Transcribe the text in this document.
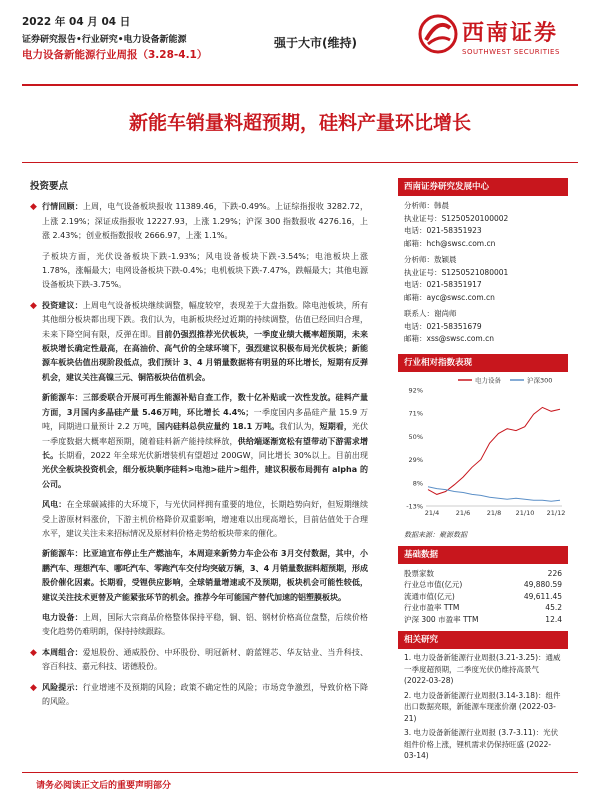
2022 年 04 月 04 日
证券研究报告•行业研究•电力设备新能源
电力设备新能源行业周报（3.28-4.1）
强于大市(维持)	西南证券
SOUTHWEST SECURITIES
新能车销量料超预期，硅料产量环比增长
投资要点
◆ 行情回顾：上周，电气设备板块报收 11389.46，下跌-0.49%。上证综指报收 3282.72，上涨 2.19%；深证成指报收 12227.93，上涨 1.29%；沪深 300 指数报收 4276.16，上涨 2.43%；创业板指数报收 2666.97，上涨 1.1%。
子板块方面，光伏设备板块下跌-1.93%；风电设备板块下跌-3.54%；电池板块上涨 1.78%，涨幅最大；电网设备板块下跌-0.4%；电机板块下跌-7.47%，跌幅最大；其他电源设备板块下跌-3.75%。
◆ 投资建议：上周电气设备板块继续调整，幅度较窄，表现差于大盘指数。除电池板块，所有其他细分板块都出现下跌。我们认为，电新板块经过近期的持续调整，估值已经回归合理，未来下降空间有限，反弹在即。目前仍强烈推荐光伏板块，一季度业绩大概率超预期，未来板块增长确定性最高，在高油价、高气价的全球环境下，强烈建议积极布局光伏板块；新能源车板块估值出现阶段低点，我们预计 3、4 月销量数据将有明显的环比增长，短期有反弹机会，建议关注高镍三元、铜箔板块估值机会。
新能源车：三部委联合开展可再生能源补贴自查工作，数十亿补贴或一次性发放。硅料产量方面，3月国内多晶硅产量 5.46万吨，环比增长 4.4%；一季度国内多晶硅产量 15.9 万吨，同期进口量预计 2.2 万吨，国内硅料总供应量约 18.1 万吨。我们认为，短期看，光伏一季度数据大概率超预期，随着硅料新产能持续释放，供给端逐渐宽松有望带动下游需求增长。长期看，2022 年全球光伏新增装机有望超过 200GW，同比增长 30%以上。目前出现光伏全板块投资机会，细分板块顺序硅料>电池>硅片>组件，建议积极布局拥有 alpha 的公司。
风电：在全球碳减排的大环境下，与光伏同样拥有重要的地位，长期趋势向好，但短期继续受上游原材料涨价，下游主机价格降价双重影响，增速难以出现高增长，目前估值处于合理水平，建议关注未来招标情况及原材料价格走势给板块带来的催化。
新能源车：比亚迪宣布停止生产燃油车，本周迎来新势力车企公布 3月交付数据，其中，小鹏汽车、理想汽车、哪吒汽车、零跑汽车交付均突破万辆，3、4 月销量数据料超预期，形成股价催化因素。长期看，受锂供应影响，全球销量增速或不及预期，板块机会可能性较低，建议关注技术更替及产能紧张环节的机会。推荐今年可能国产替代加速的铝塑膜板块。
电力设备：上周，国际大宗商品价格整体保持平稳，铜、铝、钢材价格高位盘整，后续价格变化趋势仍难明朗，保持持续跟踪。
◆ 本周组合：爱旭股份、通威股份、中环股份、明冠新材、蔚蓝锂芯、华友钴业、当升科技、容百科技、嘉元科技、诺德股份。
◆ 风险提示：行业增速不及预期的风险；政策不确定性的风险；市场竞争激烈，导致价格下降的风险。
西南证券研究发展中心
分析师：韩晨
执业证号：S1250520100002
电话：021-58351923
邮箱：hch@swsc.com.cn
分析师：敖颖晨
执业证号：S1250521080001
电话：021-58351917
邮箱：ayc@swsc.com.cn
联系人：谢尚师
电话：021-58351679
邮箱：xss@swsc.com.cn
行业相对指数表现
92%
71%
50%
29%
8%
-13%
21/4	21/6	21/8 21/10 21/12
电力设备	沪深300
数据来源：聚源数据
基础数据
股票家数	226
行业总市值(亿元)	49,880.59
流通市值(亿元)	49,611.45
行业市盈率 TTM	45.2
沪深 300 市盈率 TTM	12.4
相关研究
1. 电力设备新能源行业周报(3.21-3.25)：通威一季度超预期，二季度光伏仍维持高景气 (2022-03-28)
2. 电力设备新能源行业周报(3.14-3.18)：组件出口数据亮眼，新能源车现涨价潮 (2022-03-21)
3. 电力设备新能源行业周报 (3.7-3.11)：光伏组件价格上涨，锂机需求仍保持旺盛 (2022-03-14)
请务必阅读正文后的重要声明部分
